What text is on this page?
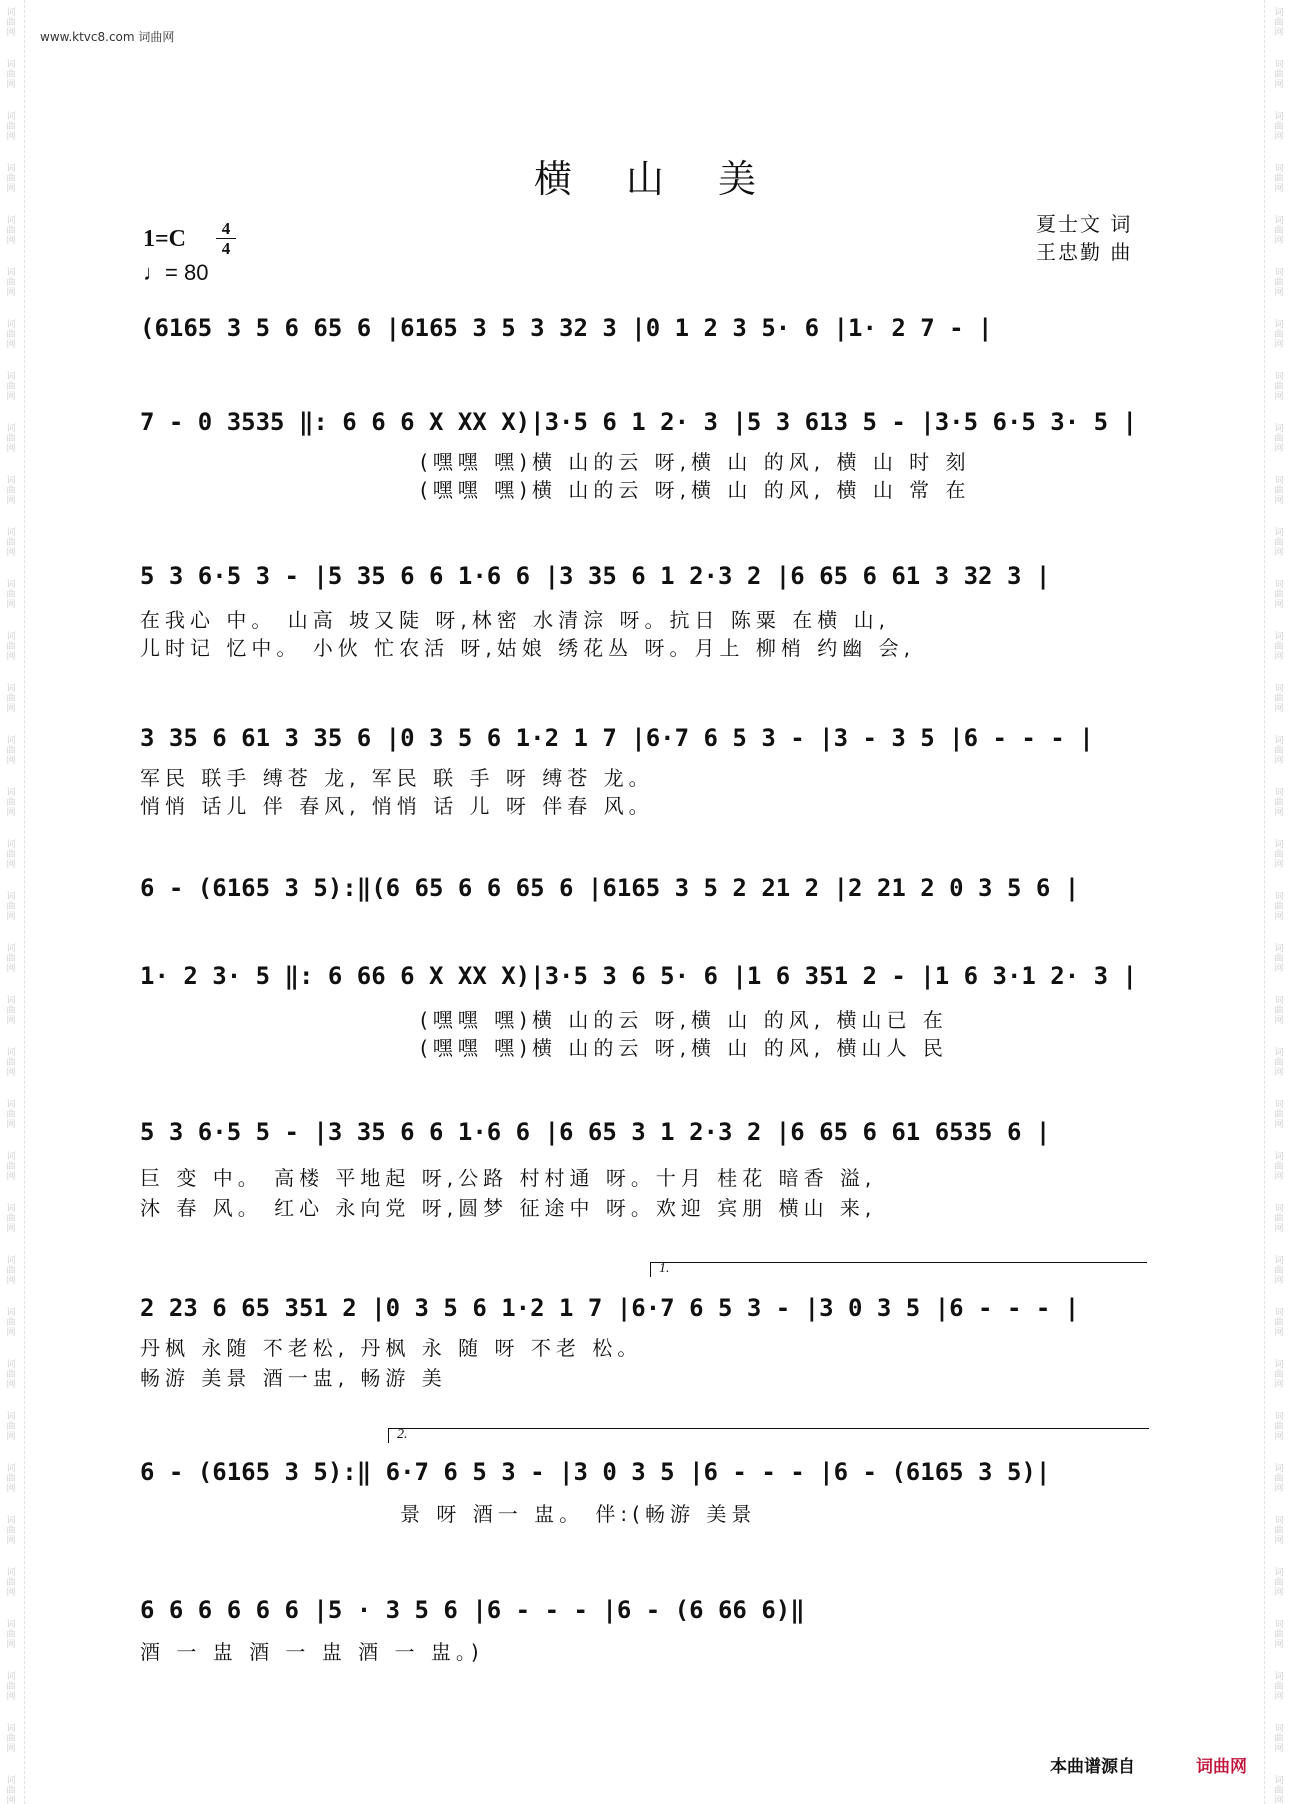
词
曲
网
词
曲
网
词
曲
网
词
曲
网
词
曲
网
词
曲
网
词
曲
网
词
曲
网
词
曲
网
词
曲
网
词
曲
网
词
曲
网
词
曲
网
词
曲
网
词
曲
网
词
曲
网
词
曲
网
词
曲
网
词
曲
网
词
曲
网
词
曲
网
词
曲
网
词
曲
网
词
曲
网
词
曲
网
词
曲
网
词
曲
网
词
曲
网
词
曲
网
词
曲
网
词
曲
网
词
曲
网
词
曲
网
词
曲
网
词
曲
网
词
曲
网
词
曲
网
词
曲
网
词
曲
网
词
曲
网
词
曲
网
词
曲
网
词
曲
网
词
曲
网
词
曲
网
词
曲
网
词
曲
网
词
曲
网
词
曲
网
词
曲
网
词
曲
网
词
曲
网
词
曲
网
词
曲
网
词
曲
网
词
曲
网
词
曲
网
词
曲
网
词
曲
网
词
曲
网
词
曲
网
词
曲
网
词
曲
网
词
曲
网
词
曲
网
词
曲
网
词
曲
网
词
曲
网
词
曲
网
词
曲
网
www.ktvc8.com 词曲网
横山美
1=C	4
4
♩= 80
夏士文 词
王忠勤 曲
(6165 3 5 6 65 6 |6165 3 5 3 32 3 |0 1 2 3 5· 6 |1· 2 7 - |
7 - 0 3535 ‖: 6 6 6 X XX X)|3·5 6 1 2· 3 |5 3 613 5 - |3·5 6·5 3· 5 |
(嘿嘿 嘿)横 山的云 呀,横 山 的风, 横 山 时 刻
(嘿嘿 嘿)横 山的云 呀,横 山 的风, 横 山 常 在
5 3 6·5 3 - |5 35 6 6 1·6 6 |3 35 6 1 2·3 2 |6 65 6 61 3 32 3 |
在我心 中。 山高 坡又陡 呀,林密 水清淙 呀。抗日 陈粟 在横 山,
儿时记 忆中。 小伙 忙农活 呀,姑娘 绣花丛 呀。月上 柳梢 约幽 会,
3 35 6 61 3 35 6 |0 3 5 6 1·2 1 7 |6·7 6 5 3 - |3 - 3 5 |6 - - - |
军民 联手 缚苍 龙, 军民 联 手 呀 缚苍 龙。
悄悄 话儿 伴 春风, 悄悄 话 儿 呀 伴春 风。
6 - (6165 3 5):‖(6 65 6 6 65 6 |6165 3 5 2 21 2 |2 21 2 0 3 5 6 |
1· 2 3· 5 ‖: 6 66 6 X XX X)|3·5 3 6 5· 6 |1 6 351 2 - |1 6 3·1 2· 3 |
(嘿嘿 嘿)横 山的云 呀,横 山 的风, 横山已 在
(嘿嘿 嘿)横 山的云 呀,横 山 的风, 横山人 民
5 3 6·5 5 - |3 35 6 6 1·6 6 |6 65 3 1 2·3 2 |6 65 6 61 6535 6 |
巨 变 中。 高楼 平地起 呀,公路 村村通 呀。十月 桂花 暗香 溢,
沐 春 风。 红心 永向党 呀,圆梦 征途中 呀。欢迎 宾朋 横山 来,
1.
2 23 6 65 351 2 |0 3 5 6 1·2 1 7 |6·7 6 5 3 - |3 0 3 5 |6 - - - |
丹枫 永随 不老松, 丹枫 永 随 呀 不老 松。
畅游 美景 酒一盅, 畅游 美
2.
6 - (6165 3 5):‖ 6·7 6 5 3 - |3 0 3 5 |6 - - - |6 - (6165 3 5)|
景 呀 酒一 盅。 伴:(畅游 美景
6 6 6 6 6 6 |5 · 3 5 6 |6 - - - |6 - (6 66 6)‖
酒 一 盅 酒 一 盅 酒 一 盅。)
本曲谱源自	词曲网
